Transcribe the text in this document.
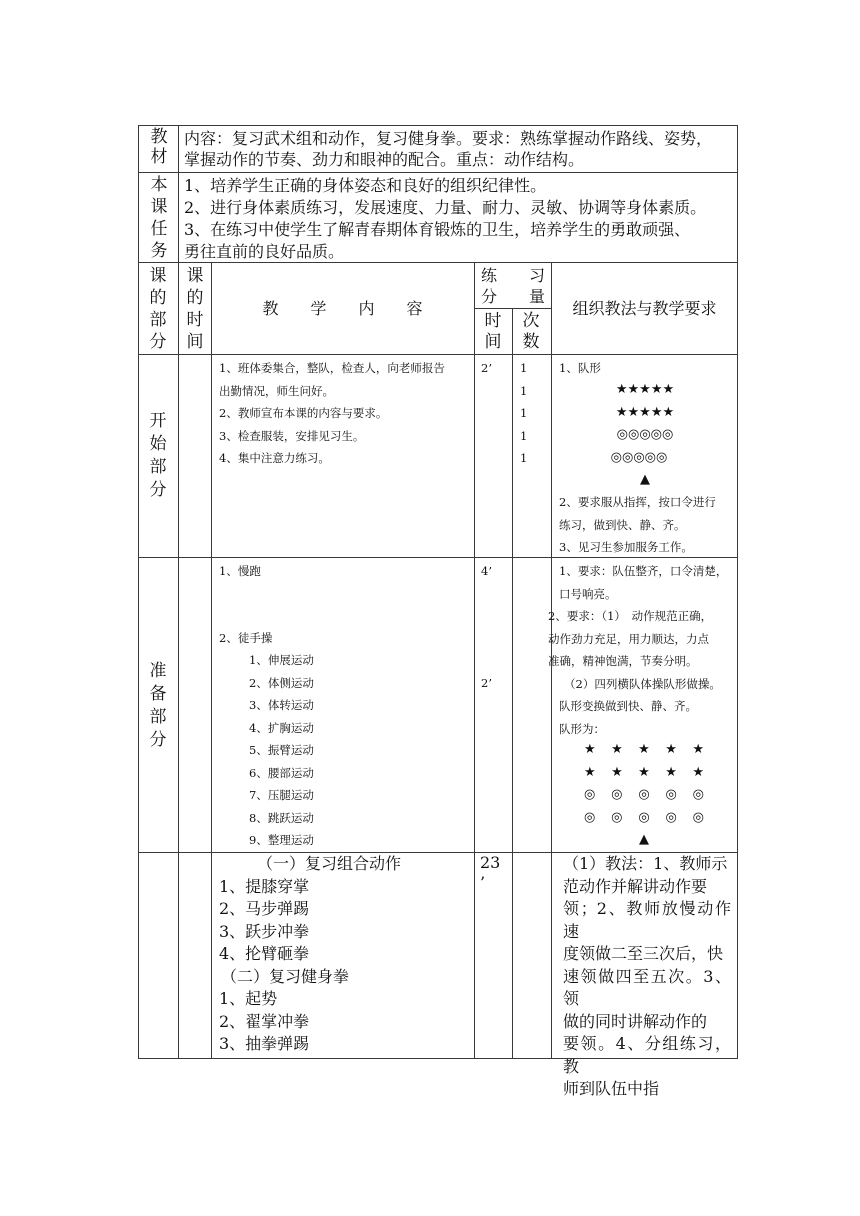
教
材
内容：复习武术组和动作，复习健身拳。要求：熟练掌握动作路线、姿势，
掌握动作的节奏、劲力和眼神的配合。重点：动作结构。
本
课
任
务
1、培养学生正确的身体姿态和良好的组织纪律性。
2、进行身体素质练习，发展速度、力量、耐力、灵敏、协调等身体素质。
3、在练习中使学生了解青春期体育锻炼的卫生，培养学生的勇敢顽强、
勇往直前的良好品质。
课
的
部
分
课
的
时
间
教　　学　　内　　容
练　　习
分　　量
时
间
次
数
组织教法与教学要求
开
始
部
分
1、班体委集合，整队，检查人，向老师报告
出勤情况，师生问好。
2、教师宣布本课的内容与要求。
3、检查服装，安排见习生。
4、集中注意力练习。
2’ 1
1
1
1
1
1、队形
★★★★★
★★★★★
◎◎◎◎◎
◎◎◎◎◎
▲
2、要求服从指挥，按口令进行
练习，做到快、静、齐。
3、见习生参加服务工作。
准
备
部
分
1、慢跑
2、徒手操
1、伸展运动
2、体侧运动
3、体转运动
4、扩胸运动
5、振臂运动
6、腰部运动
7、压腿运动
8、跳跃运动
9、整理运动
4’
2’
1、要求：队伍整齐，口令清楚，
口号响亮。
2、要求：（1）　动作规范正确，
动作劲力充足，用力顺达，力点
准确，精神饱满，节奏分明。
（2）四列横队体操队形做操。
队形变换做到快、静、齐。
队形为：
★ ★ ★ ★ ★
★ ★ ★ ★ ★
◎ ◎ ◎ ◎ ◎
◎ ◎ ◎ ◎ ◎
▲
（一）复习组合动作
1、提膝穿掌
2、马步弹踢
3、跃步冲拳
4、抡臂砸拳
（二）复习健身拳
1、起势
2、翟掌冲拳
3、抽拳弹踢
23
’
（1）教法：1、教师示
范动作并解讲动作要
领；2、教师放慢动作速
度领做二至三次后，快
速领做四至五次。3、领
做的同时讲解动作的
要领。4、分组练习，教
师到队伍中指
